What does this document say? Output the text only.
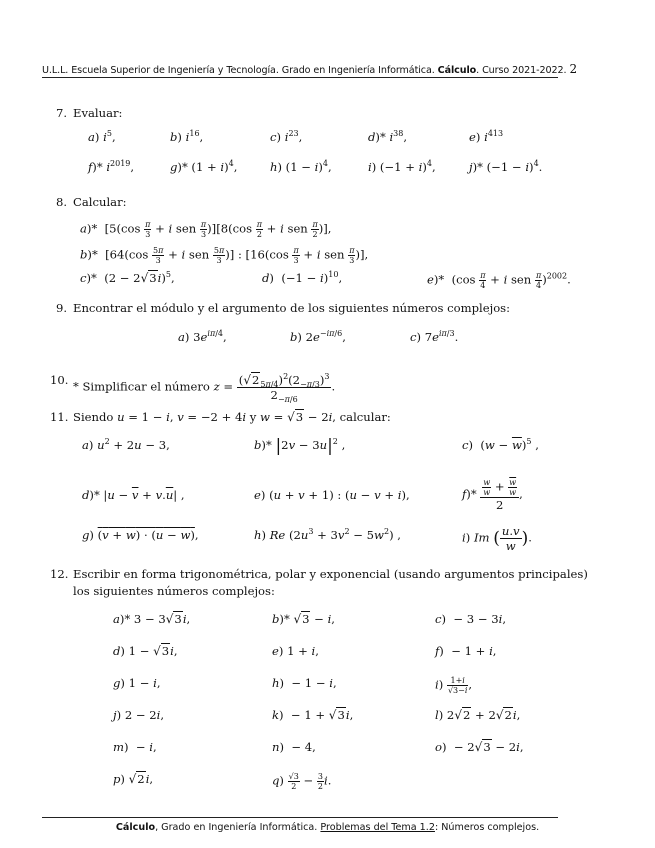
U.L.L. Escuela Superior de Ingeniería y Tecnología. Grado en Ingeniería Informática. Cálculo. Curso 2021-2022. 2
7. Evaluar:
a) $i^5$,	b) $i^{16}$,	c) $i^{23}$,	d)* $i^{38}$,	e) $i^{413}$
f)* $i^{2019}$,	g)* $(1 + i)^4$,	h) $(1 - i)^4$,	i) $(-1 + i)^4$,	j)* $(-1 - i)^4$.
8. Calcular:
a)*  [$5(\cos \frac{\pi}{3} + i$ sen $\frac{\pi}{3} )][8(\cos \frac{\pi}{2} + i$ sen $\frac{\pi}{2}$ )],
b)*  [$64(\cos \frac{5\pi}{3} + i$ sen $\frac{5\pi}{3}$ )] : [$16(\cos \frac{\pi}{3} + i$ sen $\frac{\pi}{3}$ )],
c)*  $(2 - 2√3i)^5$,	d)  $(-1 - i)^{10}$,	e)*  ($\cos \frac{\pi}{4} + i$ sen $\frac{\pi}{4} )^{2002}$.
9. Encontrar el módulo y el argumento de los siguientes números complejos:
a) $3e^{i\pi/4}$,	b) $2e^{-i\pi/6}$,	c) $7e^{i\pi/3}$.
10. * Simplificar el número $z = \frac{(√2_{5\pi/4})^2(2_{-\pi/3})^3}{2_{-\pi/6}}$ .
11. Siendo u = 1 − i, v = −2 + 4i y w = √3 − 2i, calcular:
a) $u^2 + 2u - 3$,	b)* $|2v - 3u|^2$ ,	c)  $(w - \overline{w})^5$ ,
d)* $|u - \overline{v} + v.\overline{u}|$ ,	e) (u + v + 1) : (u − v + i),	$f)* \frac{\frac{w}{w} + \frac{\overline{w}}{w}}{2}$ ,
g) (v + w) · (u − w),	h) Re $(2u^3 + 3v^2 - 5w^2)$ ,	i) Im ( $\frac{u.v}{w}$ ).
12. Escribir en forma trigonométrica, polar y exponencial (usando argumentos principales)
los siguientes números complejos:
a)* 3 − 3√3i,	b)* √3 − i,	c)  − 3 − 3i,
d) 1 − √3i,	e) 1 + i,	f)  − 1 + i,
g) 1 − i,	h)  − 1 − i,	$i) \frac{1+i}{√3-i}$ ,
j) 2 − 2i,	k)  − 1 + √3i,	l) 2√2 + 2√2i,
m)  − i,	n)  − 4,	o)  − 2√3 − 2i,
p) √2i,	$q) \frac{√3}{2} - \frac{3}{2} i$.
Cálculo, Grado en Ingeniería Informática. Problemas del Tema 1.2: Números complejos.
